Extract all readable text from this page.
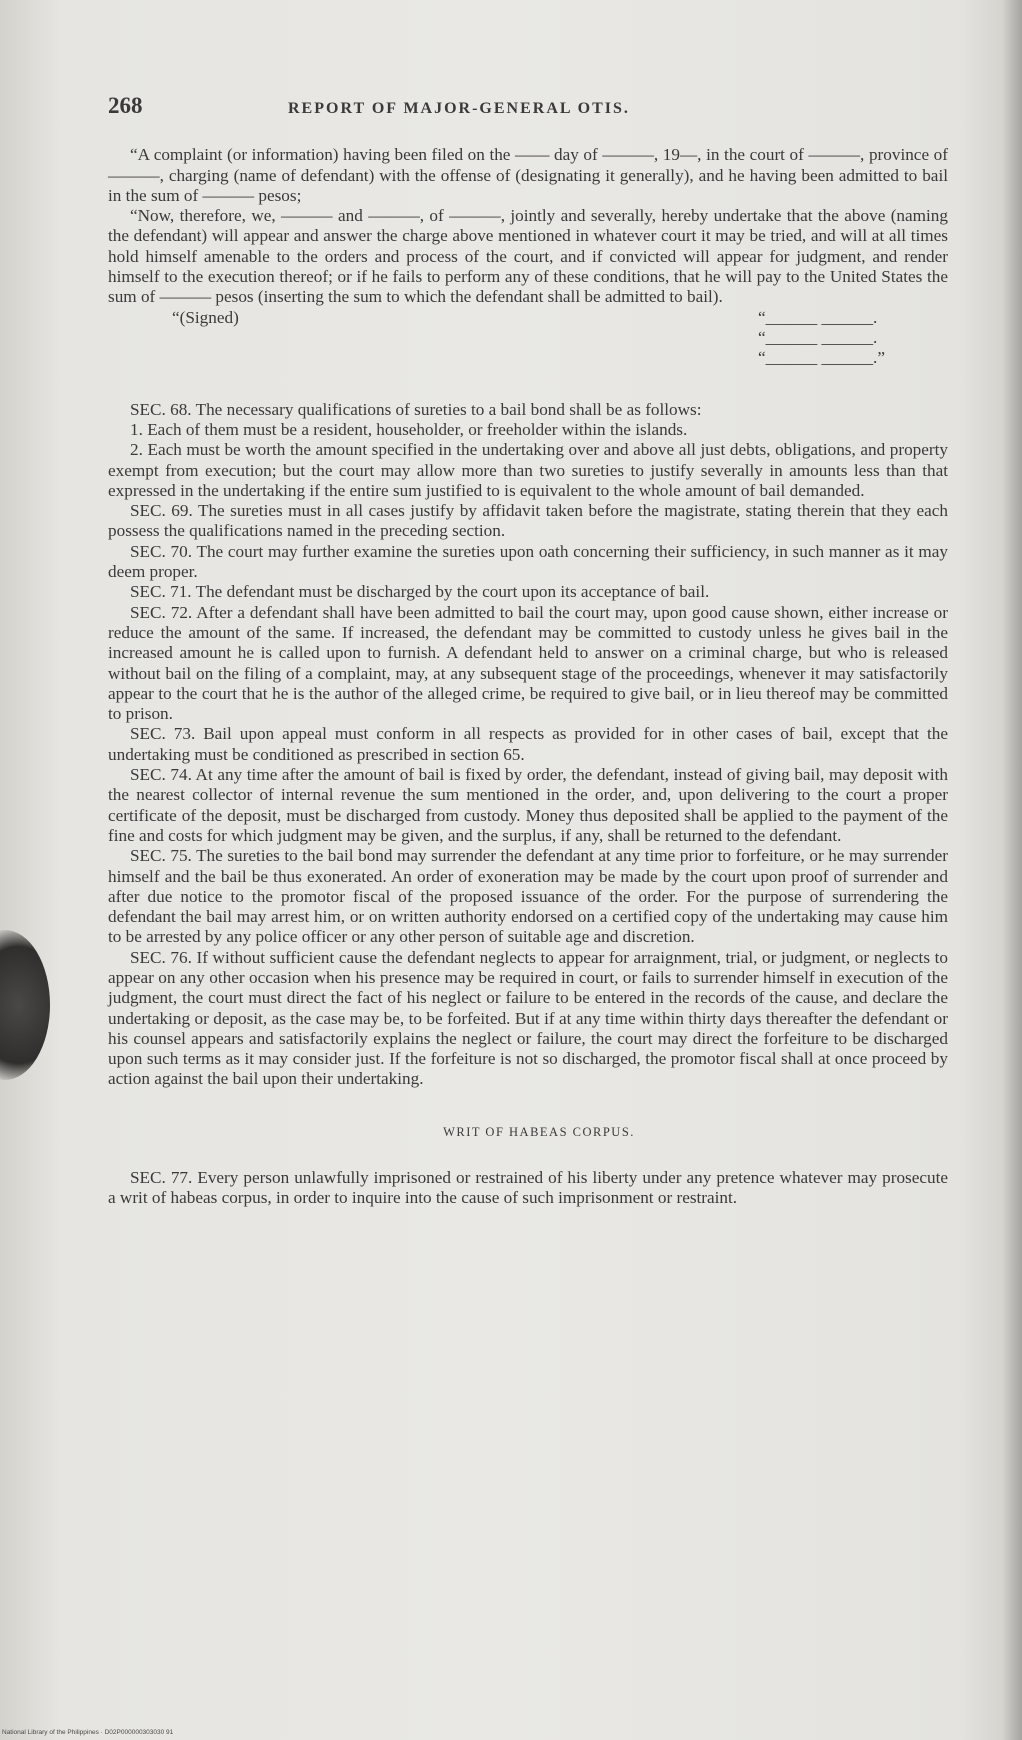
268	REPORT OF MAJOR-GENERAL OTIS.

“A complaint (or information) having been filed on the —— day of ———, 19—, in the court of ———, province of ———, charging (name of defendant) with the offense of (designating it generally), and he having been admitted to bail in the sum of ——— pesos;

“Now, therefore, we, ——— and ———, of ———, jointly and severally, hereby undertake that the above (naming the defendant) will appear and answer the charge above mentioned in whatever court it may be tried, and will at all times hold himself amenable to the orders and process of the court, and if convicted will appear for judgment, and render himself to the execution thereof; or if he fails to perform any of these conditions, that he will pay to the United States the sum of ——— pesos (inserting the sum to which the defendant shall be admitted to bail).

“(Signed)	“______ ______.
“______ ______.
“______ ______.”

SEC. 68. The necessary qualifications of sureties to a bail bond shall be as follows:

1. Each of them must be a resident, householder, or freeholder within the islands.

2. Each must be worth the amount specified in the undertaking over and above all just debts, obligations, and property exempt from execution; but the court may allow more than two sureties to justify severally in amounts less than that expressed in the undertaking if the entire sum justified to is equivalent to the whole amount of bail demanded.

SEC. 69. The sureties must in all cases justify by affidavit taken before the magistrate, stating therein that they each possess the qualifications named in the preceding section.

SEC. 70. The court may further examine the sureties upon oath concerning their sufficiency, in such manner as it may deem proper.

SEC. 71. The defendant must be discharged by the court upon its acceptance of bail.

SEC. 72. After a defendant shall have been admitted to bail the court may, upon good cause shown, either increase or reduce the amount of the same. If increased, the defendant may be committed to custody unless he gives bail in the increased amount he is called upon to furnish. A defendant held to answer on a criminal charge, but who is released without bail on the filing of a complaint, may, at any subsequent stage of the proceedings, whenever it may satisfactorily appear to the court that he is the author of the alleged crime, be required to give bail, or in lieu thereof may be committed to prison.

SEC. 73. Bail upon appeal must conform in all respects as provided for in other cases of bail, except that the undertaking must be conditioned as prescribed in section 65.

SEC. 74. At any time after the amount of bail is fixed by order, the defendant, instead of giving bail, may deposit with the nearest collector of internal revenue the sum mentioned in the order, and, upon delivering to the court a proper certificate of the deposit, must be discharged from custody. Money thus deposited shall be applied to the payment of the fine and costs for which judgment may be given, and the surplus, if any, shall be returned to the defendant.

SEC. 75. The sureties to the bail bond may surrender the defendant at any time prior to forfeiture, or he may surrender himself and the bail be thus exonerated. An order of exoneration may be made by the court upon proof of surrender and after due notice to the promotor fiscal of the proposed issuance of the order. For the purpose of surrendering the defendant the bail may arrest him, or on written authority endorsed on a certified copy of the undertaking may cause him to be arrested by any police officer or any other person of suitable age and discretion.

SEC. 76. If without sufficient cause the defendant neglects to appear for arraignment, trial, or judgment, or neglects to appear on any other occasion when his presence may be required in court, or fails to surrender himself in execution of the judgment, the court must direct the fact of his neglect or failure to be entered in the records of the cause, and declare the undertaking or deposit, as the case may be, to be forfeited. But if at any time within thirty days thereafter the defendant or his counsel appears and satisfactorily explains the neglect or failure, the court may direct the forfeiture to be discharged upon such terms as it may consider just. If the forfeiture is not so discharged, the promotor fiscal shall at once proceed by action against the bail upon their undertaking.

WRIT OF HABEAS CORPUS.

SEC. 77. Every person unlawfully imprisoned or restrained of his liberty under any pretence whatever may prosecute a writ of habeas corpus, in order to inquire into the cause of such imprisonment or restraint.

National Library of the Philippines · D02P000000303030 91
